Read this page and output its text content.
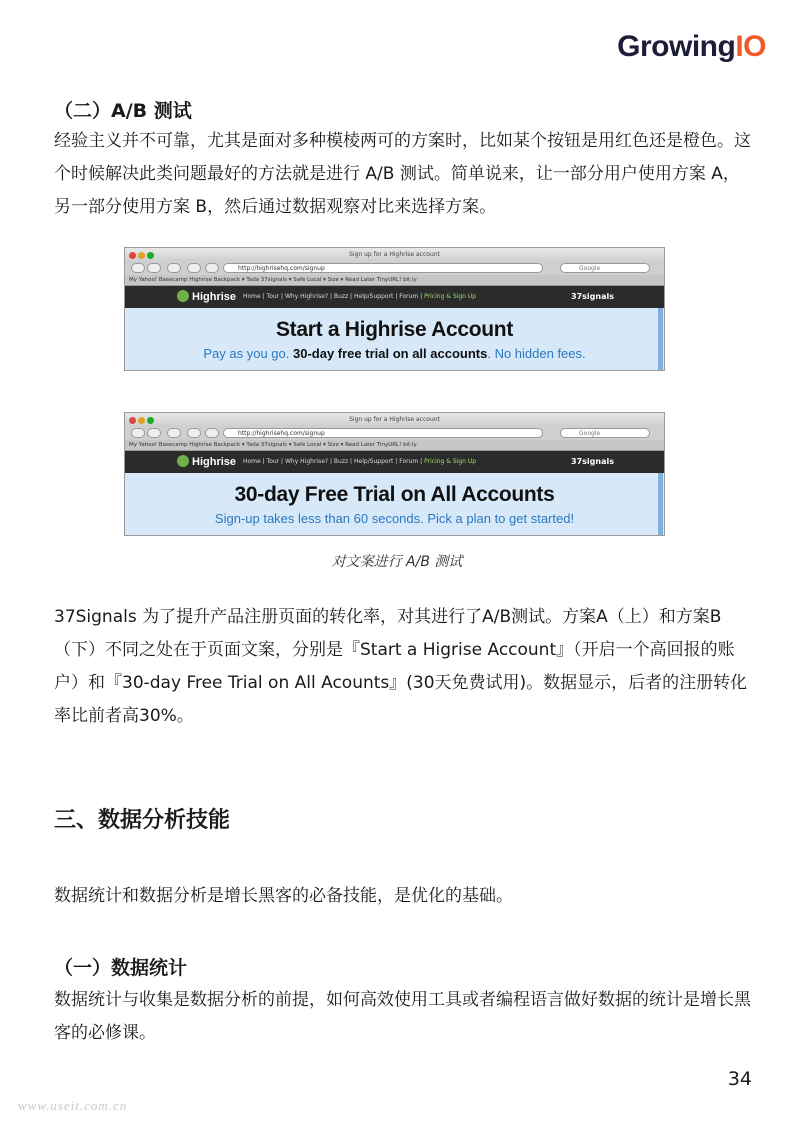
GrowingIO
（二）A/B 测试
经验主义并不可靠，尤其是面对多种模棱两可的方案时，比如某个按钮是用红色还是橙色。这个时候解决此类问题最好的方法就是进行 A/B 测试。简单说来，让一部分用户使用方案 A，另一部分使用方案 B，然后通过数据观察对比来选择方案。
Sign up for a Highrise account
http://highrisehq.com/signup	Google
My Yahoo! Basecamp Highrise Backpack ▾ Tada 37signals ▾ Safe Local ▾ Size ▾ Read Later TinyURL! bit.ly
Highrise Home | Tour | Why Highrise? | Buzz | Help/Support | Forum | Pricing & Sign Up	37signals
Start a Highrise Account
Pay as you go. 30-day free trial on all accounts. No hidden fees.
Sign up for a Highrise account
http://highrisehq.com/signup	Google
My Yahoo! Basecamp Highrise Backpack ▾ Tada 37signals ▾ Safe Local ▾ Size ▾ Read Later TinyURL! bit.ly
Highrise Home | Tour | Why Highrise? | Buzz | Help/Support | Forum | Pricing & Sign Up	37signals
30-day Free Trial on All Accounts
Sign-up takes less than 60 seconds. Pick a plan to get started!
对文案进行 A/B 测试
37Signals 为了提升产品注册页面的转化率，对其进行了A/B测试。方案A（上）和方案B（下）不同之处在于页面文案，分别是『Start a Higrise Account』（开启一个高回报的账户）和『30-day Free Trial on All Acounts』(30天免费试用)。数据显示，后者的注册转化率比前者高30%。
三、数据分析技能
数据统计和数据分析是增长黑客的必备技能，是优化的基础。
（一）数据统计
数据统计与收集是数据分析的前提，如何高效使用工具或者编程语言做好数据的统计是增长黑客的必修课。
34
www.useit.com.cn
